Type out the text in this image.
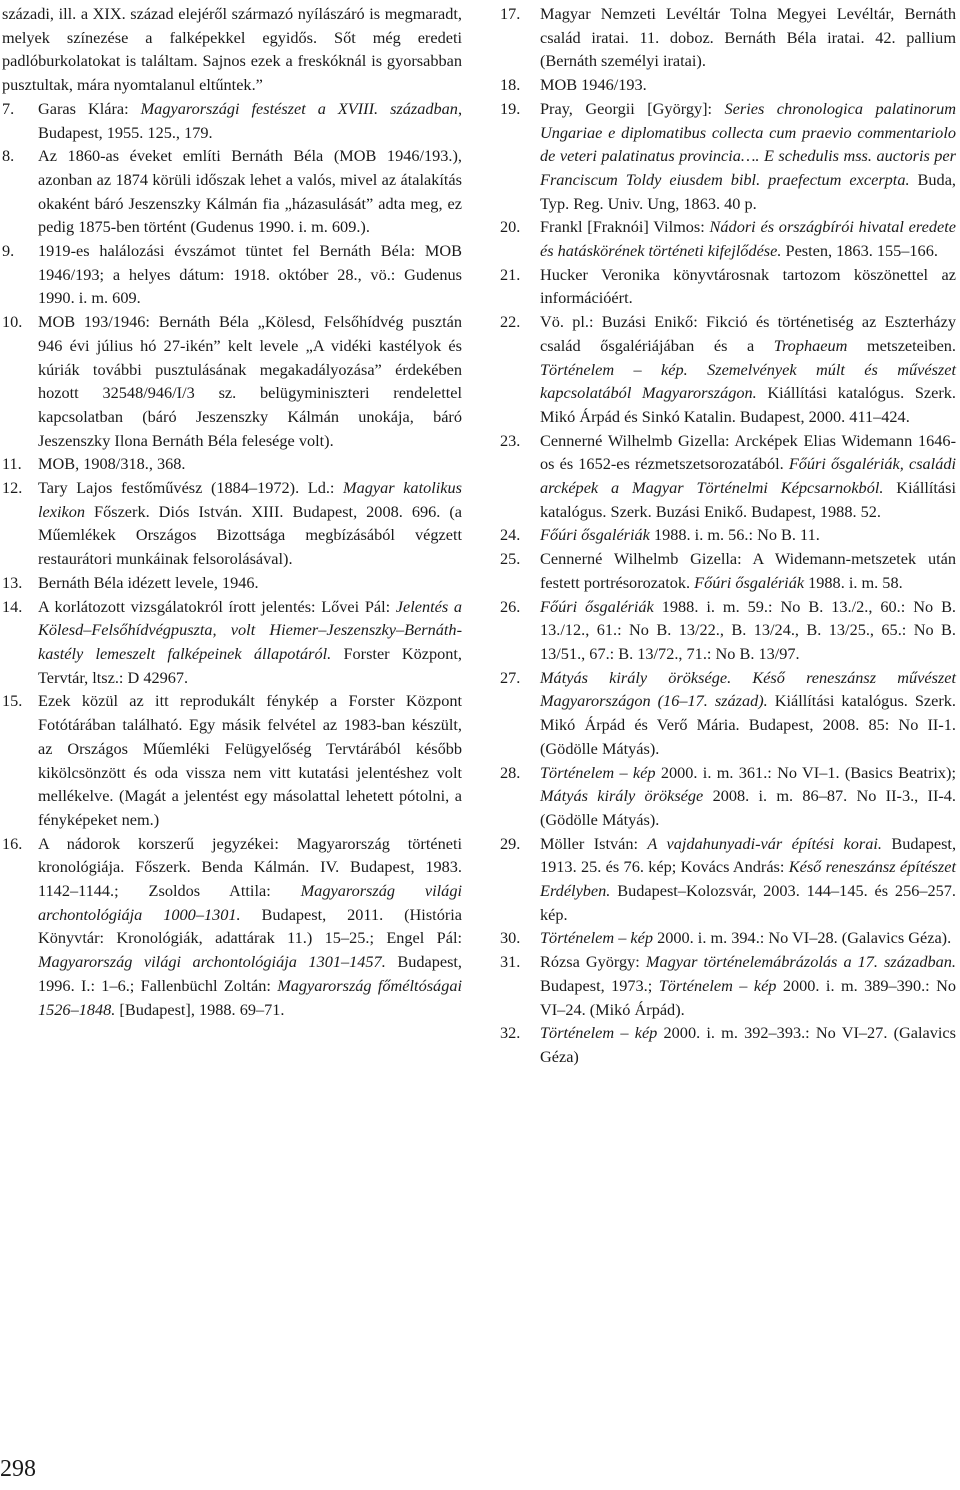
századi, ill. a XIX. század elejéről származó nyílászáró is megmaradt, melyek színezése a falképekkel egyidős. Sőt még eredeti padlóburkolatokat is találtam. Sajnos ezek a freskóknál is gyorsabban pusztultak, mára nyomtalanul eltűntek.”

7. Garas Klára: Magyarországi festészet a XVIII. században, Budapest, 1955. 125., 179.
8. Az 1860-as éveket említi Bernáth Béla (MOB 1946/193.), azonban az 1874 körüli időszak lehet a valós, mivel az átalakítás okaként báró Jeszenszky Kálmán fia „házasulását” adta meg, ez pedig 1875-ben történt (Gudenus 1990. i. m. 609.).
9. 1919-es halálozási évszámot tüntet fel Bernáth Béla: MOB 1946/193; a helyes dátum: 1918. október 28., vö.: Gudenus 1990. i. m. 609.
10. MOB 193/1946: Bernáth Béla „Kölesd, Felsőhídvég pusztán 946 évi július hó 27-ikén” kelt levele „A vidéki kastélyok és kúriák további pusztulásának megakadályozása” érdekében hozott 32548/946/I/3 sz. belügyminiszteri rendelettel kapcsolatban (báró Jeszenszky Kálmán unokája, báró Jeszenszky Ilona Bernáth Béla felesége volt).
11. MOB, 1908/318., 368.
12. Tary Lajos festőművész (1884–1972). Ld.: Magyar katolikus lexikon Főszerk. Diós István. XIII. Budapest, 2008. 696. (a Műemlékek Országos Bizottsága megbízásából végzett restaurátori munkáinak felsorolásával).
13. Bernáth Béla idézett levele, 1946.
14. A korlátozott vizsgálatokról írott jelentés: Lővei Pál: Jelentés a Kölesd–Felsőhídvégpuszta, volt Hiemer–Jeszenszky–Bernáth-kastély lemeszelt falképeinek állapotáról. Forster Központ, Tervtár, ltsz.: D 42967.
15. Ezek közül az itt reprodukált fénykép a Forster Központ Fotótárában található. Egy másik felvétel az 1983-ban készült, az Országos Műemléki Felügyelőség Tervtárából később kikölcsönzött és oda vissza nem vitt kutatási jelentéshez volt mellékelve. (Magát a jelentést egy másolattal lehetett pótolni, a fényképeket nem.)
16. A nádorok korszerű jegyzékei: Magyarország történeti kronológiája. Főszerk. Benda Kálmán. IV. Budapest, 1983. 1142–1144.; Zsoldos Attila: Magyarország világi archontológiája 1000–1301. Budapest, 2011. (História Könyvtár: Kronológiák, adattárak 11.) 15–25.; Engel Pál: Magyarország világi archontológiája 1301–1457. Budapest, 1996. I.: 1–6.; Fallenbüchl Zoltán: Magyarország főméltóságai 1526–1848. [Budapest], 1988. 69–71.
17. Magyar Nemzeti Levéltár Tolna Megyei Levéltár, Bernáth család iratai. 11. doboz. Bernáth Béla iratai. 42. pallium (Bernáth személyi iratai).
18. MOB 1946/193.
19. Pray, Georgii [György]: Series chronologica palatinorum Ungariae e diplomatibus collecta cum praevio commentariolo de veteri palatinatus provincia…. E schedulis mss. auctoris per Franciscum Toldy eiusdem bibl. praefectum excerpta. Buda, Typ. Reg. Univ. Ung, 1863. 40 p.
20. Frankl [Fraknói] Vilmos: Nádori és országbírói hivatal eredete és hatáskörének történeti kifejlődése. Pesten, 1863. 155–166.
21. Hucker Veronika könyvtárosnak tartozom köszönettel az információért.
22. Vö. pl.: Buzási Enikő: Fikció és történetiség az Eszterházy család ősgalériájában és a Trophaeum metszeteiben. Történelem – kép. Szemelvények múlt és művészet kapcsolatából Magyarországon. Kiállítási katalógus. Szerk. Mikó Árpád és Sinkó Katalin. Budapest, 2000. 411–424.
23. Cennerné Wilhelmb Gizella: Arcképek Elias Widemann 1646-os és 1652-es rézmetszetsorozatából. Főúri ősgalériák, családi arcképek a Magyar Történelmi Képcsarnokból. Kiállítási katalógus. Szerk. Buzási Enikő. Budapest, 1988. 52.
24. Főúri ősgalériák 1988. i. m. 56.: No B. 11.
25. Cennerné Wilhelmb Gizella: A Widemann-metszetek után festett portrésorozatok. Főúri ősgalériák 1988. i. m. 58.
26. Főúri ősgalériák 1988. i. m. 59.: No B. 13./2., 60.: No B. 13./12., 61.: No B. 13/22., B. 13/24., B. 13/25., 65.: No B. 13/51., 67.: B. 13/72., 71.: No B. 13/97.
27. Mátyás király öröksége. Késő reneszánsz művészet Magyarországon (16–17. század). Kiállítási katalógus. Szerk. Mikó Árpád és Verő Mária. Budapest, 2008. 85: No II-1. (Gödölle Mátyás).
28. Történelem – kép 2000. i. m. 361.: No VI–1. (Basics Beatrix); Mátyás király öröksége 2008. i. m. 86–87. No II-3., II-4. (Gödölle Mátyás).
29. Möller István: A vajdahunyadi-vár építési korai. Budapest, 1913. 25. és 76. kép; Kovács András: Késő reneszánsz építészet Erdélyben. Budapest–Kolozsvár, 2003. 144–145. és 256–257. kép.
30. Történelem – kép 2000. i. m. 394.: No VI–28. (Galavics Géza).
31. Rózsa György: Magyar történelemábrázolás a 17. században. Budapest, 1973.; Történelem – kép 2000. i. m. 389–390.: No VI–24. (Mikó Árpád).
32. Történelem – kép 2000. i. m. 392–393.: No VI–27. (Galavics Géza)
298
